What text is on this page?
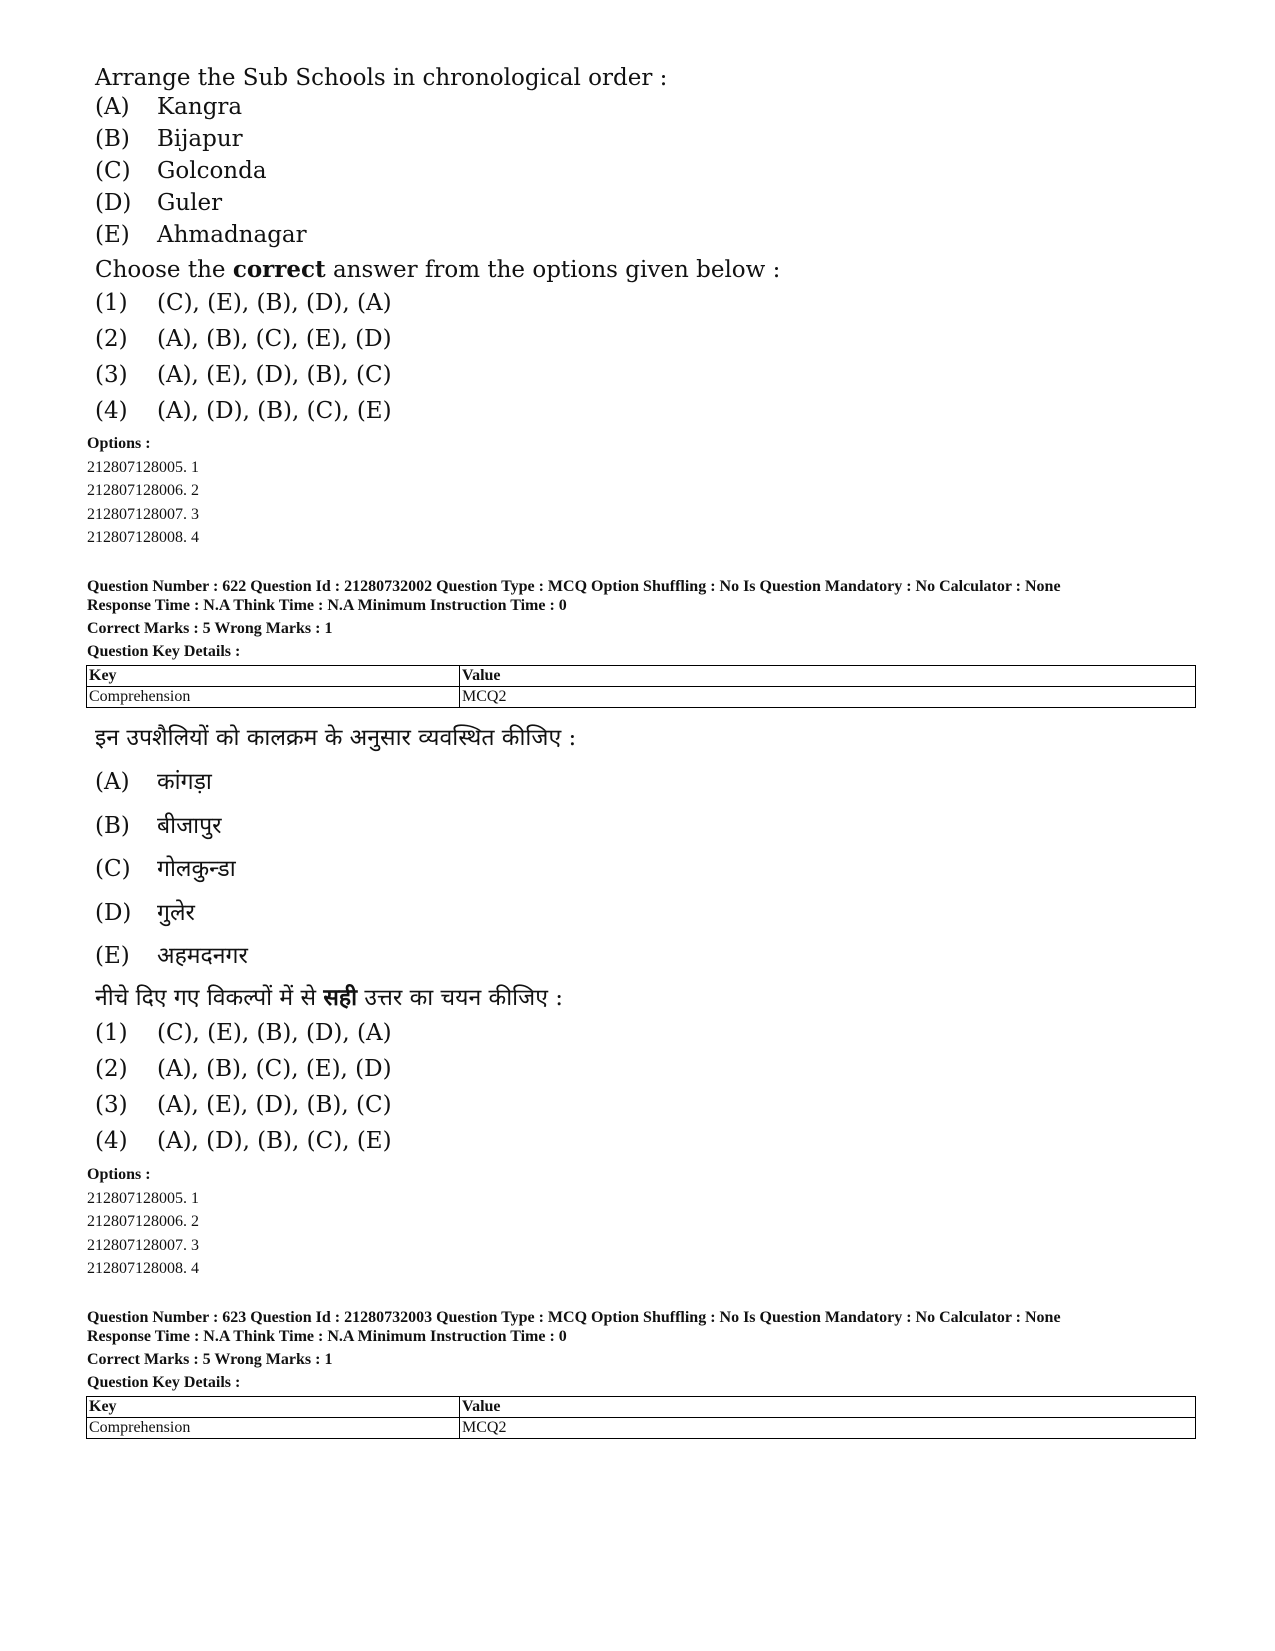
Arrange the Sub Schools in chronological order :

(A)	Kangra
(B)	Bijapur
(C)	Golconda
(D)	Guler
(E)	Ahmadnagar

Choose the correct answer from the options given below :

(1)	(C), (E), (B), (D), (A)
(2)	(A), (B), (C), (E), (D)
(3)	(A), (E), (D), (B), (C)
(4)	(A), (D), (B), (C), (E)
Options :
212807128005. 1
212807128006. 2
212807128007. 3
212807128008. 4
Question Number : 622 Question Id : 21280732002 Question Type : MCQ Option Shuffling : No Is Question Mandatory : No Calculator : None
Response Time : N.A Think Time : N.A Minimum Instruction Time : 0
Correct Marks : 5 Wrong Marks : 1
Question Key Details :
Key	Value
Comprehension	MCQ2

इन उपशैलियों को कालक्रम के अनुसार व्यवस्थित कीजिए :

(A)	कांगड़ा
(B)	बीजापुर
(C)	गोलकुन्डा
(D)	गुलेर
(E)	अहमदनगर

नीचे दिए गए विकल्पों में से सही उत्तर का चयन कीजिए :

(1)	(C), (E), (B), (D), (A)
(2)	(A), (B), (C), (E), (D)
(3)	(A), (E), (D), (B), (C)
(4)	(A), (D), (B), (C), (E)
Options :
212807128005. 1
212807128006. 2
212807128007. 3
212807128008. 4
Question Number : 623 Question Id : 21280732003 Question Type : MCQ Option Shuffling : No Is Question Mandatory : No Calculator : None
Response Time : N.A Think Time : N.A Minimum Instruction Time : 0
Correct Marks : 5 Wrong Marks : 1
Question Key Details :
Key	Value
Comprehension	MCQ2
